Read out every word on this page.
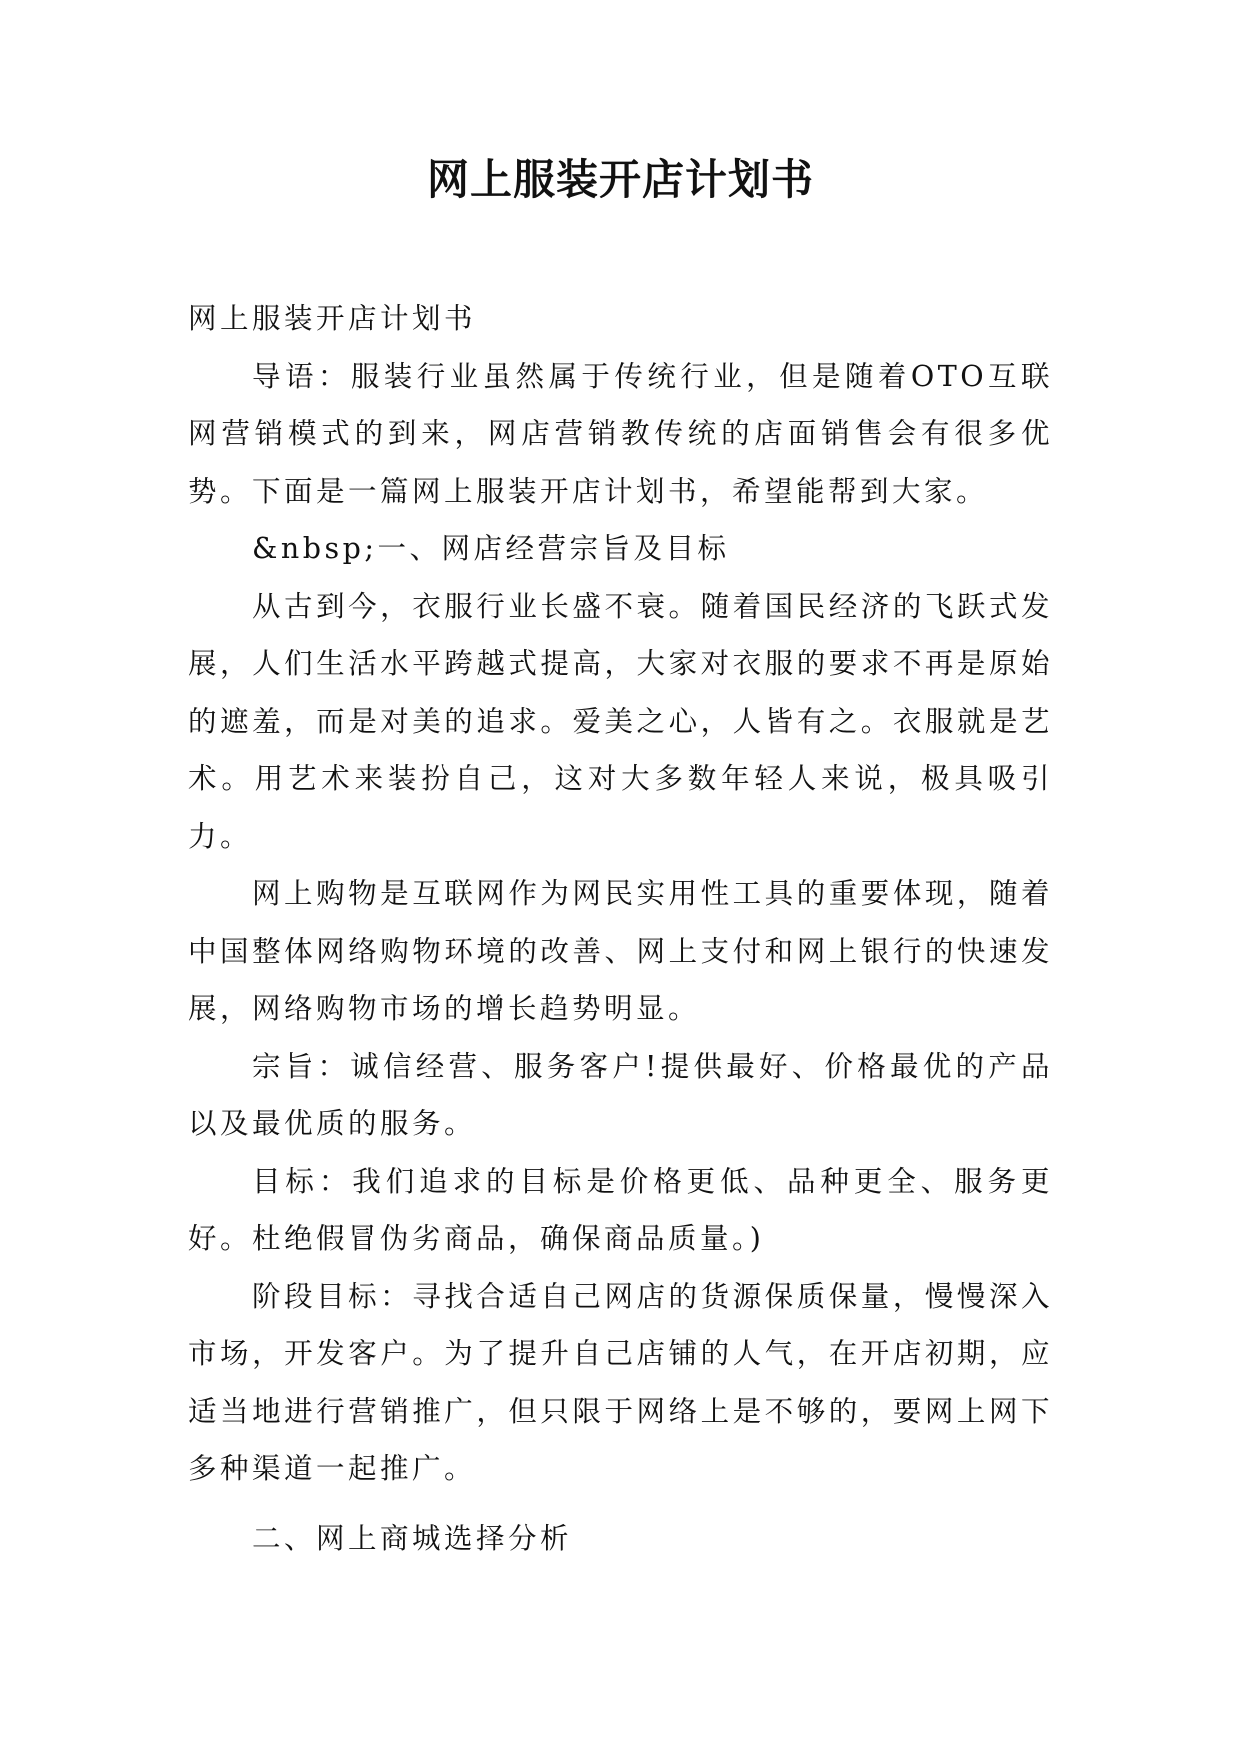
网上服装开店计划书

网上服装开店计划书

导语：服装行业虽然属于传统行业，但是随着OTO互联网营销模式的到来，网店营销教传统的店面销售会有很多优势。下面是一篇网上服装开店计划书，希望能帮到大家。

&nbsp;一、网店经营宗旨及目标

从古到今，衣服行业长盛不衰。随着国民经济的飞跃式发展，人们生活水平跨越式提高，大家对衣服的要求不再是原始的遮羞，而是对美的追求。爱美之心，人皆有之。衣服就是艺术。用艺术来装扮自己，这对大多数年轻人来说，极具吸引力。

网上购物是互联网作为网民实用性工具的重要体现，随着中国整体网络购物环境的改善、网上支付和网上银行的快速发展，网络购物市场的增长趋势明显。

宗旨：诚信经营、服务客户!提供最好、价格最优的产品以及最优质的服务。

目标：我们追求的目标是价格更低、品种更全、服务更好。杜绝假冒伪劣商品，确保商品质量。)

阶段目标：寻找合适自己网店的货源保质保量，慢慢深入市场，开发客户。为了提升自己店铺的人气，在开店初期，应适当地进行营销推广，但只限于网络上是不够的，要网上网下多种渠道一起推广。

二、网上商城选择分析
